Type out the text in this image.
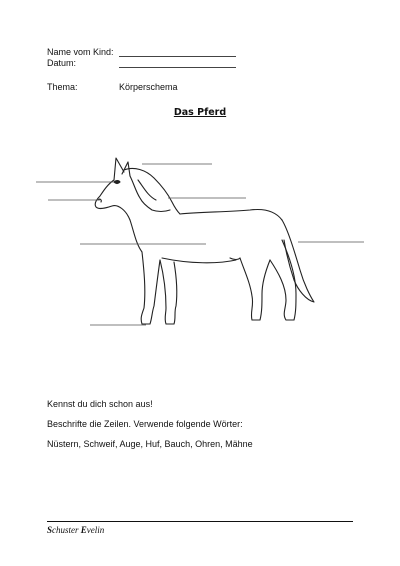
Name vom Kind:
Datum:
Thema:	Körperschema
Das Pferd
Kennst du dich schon aus!
Beschrifte die Zeilen. Verwende folgende Wörter:
Nüstern, Schweif, Auge, Huf, Bauch, Ohren, Mähne
Schuster Evelin
